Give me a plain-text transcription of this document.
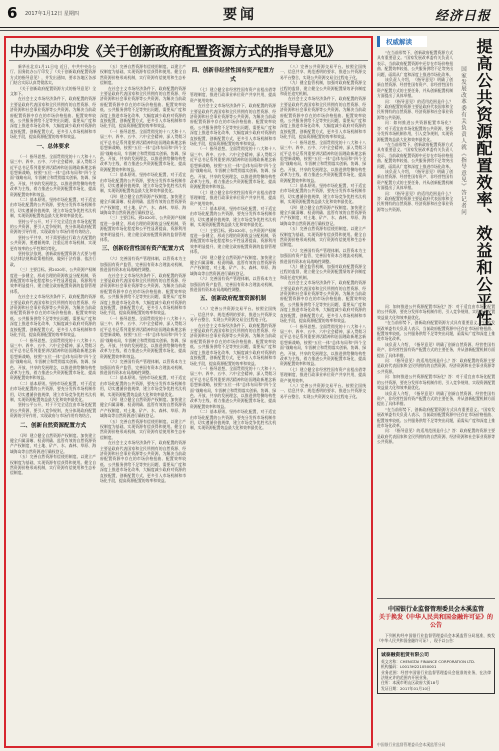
6 2017年1月12日 星期四	要闻	经济日报
中办国办印发《关于创新政府配置资源方式的指导意见》

新华社北京1月11日电 近日，中共中央办公厅、国务院办公厅印发了《关于创新政府配置资源方式的指导意见》，并发出通知，要求各地区各部门结合实际认真贯彻落实。

《关于创新政府配置资源方式的指导意见》全文如下。

在社会主义市场经济条件下，政府配置的资源主要是政府代表国家和全民所拥有的自然资源、经济资源和社会事业资源等公共资源。为解决当前政府配置资源中存在的市场价格扭曲、配置效率较低、公共服务供给不足等突出问题，需要从广度和深度上推进市场化改革，大幅度减少政府对资源的直接配置，创新配置方式，更多引入市场机制和市场化手段，提高资源配置的效率和效益。

一、总体要求

（一）指导思想。全面贯彻党的十八大和十八届三中、四中、五中、六中全会精神，深入贯彻习近平总书记系列重要讲话精神和治国理政新理念新思想新战略，按照“五位一体”总体布局和“四个全面”战略布局，牢固树立和贯彻落实创新、协调、绿色、开放、共享的发展理念，以推进供给侧结构性改革为主线，着力推进公共资源配置市场化，提高资源配置效率和效益。

（二）基本原则。坚持市场化配置，对于适宜由市场化配置的公共资源，要充分发挥市场机制作用，切实遵循价值规律，建立市场竞争优胜劣汰机制，实现资源配置效益最大化和效率最优化。

坚持公平公开，对于不完全适宜由市场化配置的公共资源，要引入竞争规则，充分体现政府配置资源的引导作用，实现政府与市场作用有效结合。

坚持公平共享，对于需要通过行政方式配置的公共资源，要遵循规律，注重运用市场机制，实现更有效率的公平性和均等化。

坚持依法依规，创新政府配置资源方式要与相关法律法规和政策相衔接，做到于法有据、依法行政。

（三）主要目标。到2020年，公共资源产权制度进一步健全，形成合理的资源收益分配机制，资源配置的市场化程度和公平性显著提高，资源利用效率明显提升，建立健全政府配置资源的监督管理体系。

在社会主义市场经济条件下，政府配置的资源主要是政府代表国家和全民所拥有的自然资源、经济资源和社会事业资源等公共资源。为解决当前政府配置资源中存在的市场价格扭曲、配置效率较低、公共服务供给不足等突出问题，需要从广度和深度上推进市场化改革，大幅度减少政府对资源的直接配置，创新配置方式，更多引入市场机制和市场化手段，提高资源配置的效率和效益。

（一）指导思想。全面贯彻党的十八大和十八届三中、四中、五中、六中全会精神，深入贯彻习近平总书记系列重要讲话精神和治国理政新理念新思想新战略，按照“五位一体”总体布局和“四个全面”战略布局，牢固树立和贯彻落实创新、协调、绿色、开放、共享的发展理念，以推进供给侧结构性改革为主线，着力推进公共资源配置市场化，提高资源配置效率和效益。

（二）基本原则。坚持市场化配置，对于适宜由市场化配置的公共资源，要充分发挥市场机制作用，切实遵循价值规律，建立市场竞争优胜劣汰机制，实现资源配置效益最大化和效率最优化。

坚持公平公开，对于不完全适宜由市场化配置的公共资源，要引入竞争规则，充分体现政府配置资源的引导作用，实现政府与市场作用有效结合。

二、创新自然资源配置方式

（四）建立健全自然资源产权制度。加快建立健全归属清晰、权责明确、监管有效的自然资源资产产权制度，对土地、矿产、水、森林、草原、海域海岛等自然资源进行确权登记。

（五）完善自然资源有偿使用制度。以建立产权制度为基础，实现资源有偿获得和使用。健全自然资源价格形成机制，实行资源有偿使用和生态补偿制度。

（五）完善自然资源有偿使用制度。以建立产权制度为基础，实现资源有偿获得和使用。健全自然资源价格形成机制，实行资源有偿使用和生态补偿制度。

在社会主义市场经济条件下，政府配置的资源主要是政府代表国家和全民所拥有的自然资源、经济资源和社会事业资源等公共资源。为解决当前政府配置资源中存在的市场价格扭曲、配置效率较低、公共服务供给不足等突出问题，需要从广度和深度上推进市场化改革，大幅度减少政府对资源的直接配置，创新配置方式，更多引入市场机制和市场化手段，提高资源配置的效率和效益。

（一）指导思想。全面贯彻党的十八大和十八届三中、四中、五中、六中全会精神，深入贯彻习近平总书记系列重要讲话精神和治国理政新理念新思想新战略，按照“五位一体”总体布局和“四个全面”战略布局，牢固树立和贯彻落实创新、协调、绿色、开放、共享的发展理念，以推进供给侧结构性改革为主线，着力推进公共资源配置市场化，提高资源配置效率和效益。

（二）基本原则。坚持市场化配置，对于适宜由市场化配置的公共资源，要充分发挥市场机制作用，切实遵循价值规律，建立市场竞争优胜劣汰机制，实现资源配置效益最大化和效率最优化。

（四）建立健全自然资源产权制度。加快建立健全归属清晰、权责明确、监管有效的自然资源资产产权制度，对土地、矿产、水、森林、草原、海域海岛等自然资源进行确权登记。

（三）主要目标。到2020年，公共资源产权制度进一步健全，形成合理的资源收益分配机制，资源配置的市场化程度和公平性显著提高，资源利用效率明显提升，建立健全政府配置资源的监督管理体系。

三、创新经营性国有资产配置方式

（六）完善国有资产管理体制。以管资本为主加强国有资产监管，完善国有资本合理流动机制，推进国有资本布局战略性调整。

在社会主义市场经济条件下，政府配置的资源主要是政府代表国家和全民所拥有的自然资源、经济资源和社会事业资源等公共资源。为解决当前政府配置资源中存在的市场价格扭曲、配置效率较低、公共服务供给不足等突出问题，需要从广度和深度上推进市场化改革，大幅度减少政府对资源的直接配置，创新配置方式，更多引入市场机制和市场化手段，提高资源配置的效率和效益。

（一）指导思想。全面贯彻党的十八大和十八届三中、四中、五中、六中全会精神，深入贯彻习近平总书记系列重要讲话精神和治国理政新理念新思想新战略，按照“五位一体”总体布局和“四个全面”战略布局，牢固树立和贯彻落实创新、协调、绿色、开放、共享的发展理念，以推进供给侧结构性改革为主线，着力推进公共资源配置市场化，提高资源配置效率和效益。

（六）完善国有资产管理体制。以管资本为主加强国有资产监管，完善国有资本合理流动机制，推进国有资本布局战略性调整。

（二）基本原则。坚持市场化配置，对于适宜由市场化配置的公共资源，要充分发挥市场机制作用，切实遵循价值规律，建立市场竞争优胜劣汰机制，实现资源配置效益最大化和效率最优化。

（四）建立健全自然资源产权制度。加快建立健全归属清晰、权责明确、监管有效的自然资源资产产权制度，对土地、矿产、水、森林、草原、海域海岛等自然资源进行确权登记。

（五）完善自然资源有偿使用制度。以建立产权制度为基础，实现资源有偿获得和使用。健全自然资源价格形成机制，实行资源有偿使用和生态补偿制度。

在社会主义市场经济条件下，政府配置的资源主要是政府代表国家和全民所拥有的自然资源、经济资源和社会事业资源等公共资源。为解决当前政府配置资源中存在的市场价格扭曲、配置效率较低、公共服务供给不足等突出问题，需要从广度和深度上推进市场化改革，大幅度减少政府对资源的直接配置，创新配置方式，更多引入市场机制和市场化手段，提高资源配置的效率和效益。

四、创新非经营性国有资产配置方式

（七）建立健全非经营性国有资产出租出借等管理制度，推进行政事业单位资产共享共用，提高资产使用效率。

在社会主义市场经济条件下，政府配置的资源主要是政府代表国家和全民所拥有的自然资源、经济资源和社会事业资源等公共资源。为解决当前政府配置资源中存在的市场价格扭曲、配置效率较低、公共服务供给不足等突出问题，需要从广度和深度上推进市场化改革，大幅度减少政府对资源的直接配置，创新配置方式，更多引入市场机制和市场化手段，提高资源配置的效率和效益。

（一）指导思想。全面贯彻党的十八大和十八届三中、四中、五中、六中全会精神，深入贯彻习近平总书记系列重要讲话精神和治国理政新理念新思想新战略，按照“五位一体”总体布局和“四个全面”战略布局，牢固树立和贯彻落实创新、协调、绿色、开放、共享的发展理念，以推进供给侧结构性改革为主线，着力推进公共资源配置市场化，提高资源配置效率和效益。

（七）建立健全非经营性国有资产出租出借等管理制度，推进行政事业单位资产共享共用，提高资产使用效率。

（二）基本原则。坚持市场化配置，对于适宜由市场化配置的公共资源，要充分发挥市场机制作用，切实遵循价值规律，建立市场竞争优胜劣汰机制，实现资源配置效益最大化和效率最优化。

（三）主要目标。到2020年，公共资源产权制度进一步健全，形成合理的资源收益分配机制，资源配置的市场化程度和公平性显著提高，资源利用效率明显提升，建立健全政府配置资源的监督管理体系。

（四）建立健全自然资源产权制度。加快建立健全归属清晰、权责明确、监管有效的自然资源资产产权制度，对土地、矿产、水、森林、草原、海域海岛等自然资源进行确权登记。

（六）完善国有资产管理体制。以管资本为主加强国有资产监管，完善国有资本合理流动机制，推进国有资本布局战略性调整。

五、创新政府配置资源机制

（八）完善公共资源交易平台。按照全国统一、信息共享、规范透明的要求，推进公共资源交易平台整合，实现公共资源交易全过程电子化。

在社会主义市场经济条件下，政府配置的资源主要是政府代表国家和全民所拥有的自然资源、经济资源和社会事业资源等公共资源。为解决当前政府配置资源中存在的市场价格扭曲、配置效率较低、公共服务供给不足等突出问题，需要从广度和深度上推进市场化改革，大幅度减少政府对资源的直接配置，创新配置方式，更多引入市场机制和市场化手段，提高资源配置的效率和效益。

（一）指导思想。全面贯彻党的十八大和十八届三中、四中、五中、六中全会精神，深入贯彻习近平总书记系列重要讲话精神和治国理政新理念新思想新战略，按照“五位一体”总体布局和“四个全面”战略布局，牢固树立和贯彻落实创新、协调、绿色、开放、共享的发展理念，以推进供给侧结构性改革为主线，着力推进公共资源配置市场化，提高资源配置效率和效益。

（二）基本原则。坚持市场化配置，对于适宜由市场化配置的公共资源，要充分发挥市场机制作用，切实遵循价值规律，建立市场竞争优胜劣汰机制，实现资源配置效益最大化和效率最优化。

（八）完善公共资源交易平台。按照全国统一、信息共享、规范透明的要求，推进公共资源交易平台整合，实现公共资源交易全过程电子化。

（九）健全监管机制，加强对政府配置资源全过程的监督，建立健全公共资源配置绩效评价制度和责任追究机制。

在社会主义市场经济条件下，政府配置的资源主要是政府代表国家和全民所拥有的自然资源、经济资源和社会事业资源等公共资源。为解决当前政府配置资源中存在的市场价格扭曲、配置效率较低、公共服务供给不足等突出问题，需要从广度和深度上推进市场化改革，大幅度减少政府对资源的直接配置，创新配置方式，更多引入市场机制和市场化手段，提高资源配置的效率和效益。

（一）指导思想。全面贯彻党的十八大和十八届三中、四中、五中、六中全会精神，深入贯彻习近平总书记系列重要讲话精神和治国理政新理念新思想新战略，按照“五位一体”总体布局和“四个全面”战略布局，牢固树立和贯彻落实创新、协调、绿色、开放、共享的发展理念，以推进供给侧结构性改革为主线，着力推进公共资源配置市场化，提高资源配置效率和效益。

（二）基本原则。坚持市场化配置，对于适宜由市场化配置的公共资源，要充分发挥市场机制作用，切实遵循价值规律，建立市场竞争优胜劣汰机制，实现资源配置效益最大化和效率最优化。

（四）建立健全自然资源产权制度。加快建立健全归属清晰、权责明确、监管有效的自然资源资产产权制度，对土地、矿产、水、森林、草原、海域海岛等自然资源进行确权登记。

（五）完善自然资源有偿使用制度。以建立产权制度为基础，实现资源有偿获得和使用。健全自然资源价格形成机制，实行资源有偿使用和生态补偿制度。

（六）完善国有资产管理体制。以管资本为主加强国有资产监管，完善国有资本合理流动机制，推进国有资本布局战略性调整。

（九）健全监管机制，加强对政府配置资源全过程的监督，建立健全公共资源配置绩效评价制度和责任追究机制。

在社会主义市场经济条件下，政府配置的资源主要是政府代表国家和全民所拥有的自然资源、经济资源和社会事业资源等公共资源。为解决当前政府配置资源中存在的市场价格扭曲、配置效率较低、公共服务供给不足等突出问题，需要从广度和深度上推进市场化改革，大幅度减少政府对资源的直接配置，创新配置方式，更多引入市场机制和市场化手段，提高资源配置的效率和效益。

（一）指导思想。全面贯彻党的十八大和十八届三中、四中、五中、六中全会精神，深入贯彻习近平总书记系列重要讲话精神和治国理政新理念新思想新战略，按照“五位一体”总体布局和“四个全面”战略布局，牢固树立和贯彻落实创新、协调、绿色、开放、共享的发展理念，以推进供给侧结构性改革为主线，着力推进公共资源配置市场化，提高资源配置效率和效益。

（七）建立健全非经营性国有资产出租出借等管理制度，推进行政事业单位资产共享共用，提高资产使用效率。

（八）完善公共资源交易平台。按照全国统一、信息共享、规范透明的要求，推进公共资源交易平台整合，实现公共资源交易全过程电子化。

权威解读	提高公共资源配置效率、效益和公平性
国家发展改革委有关负责人就《指导意见》答记者问

“在当前形势下，创新政府配置资源方式具有重要意义。”国家发展改革委有关负责人表示，当前政府配置资源中还存在市场价格扭曲、配置效率较低、公共服务供给不足等突出问题，亟需从广度和深度上推进市场化改革。

该负责人介绍，《指导意见》明确了创新自然资源、经营性国有资产、非经营性国有资产配置方式的主要任务，并从创新配置机制方面提出了具体举措。

问：《指导意见》的适用范围是什么？答：政府配置的资源主要是政府代表国家和全民所拥有的自然资源、经济资源和社会事业资源等公共资源。

问：如何推进公共资源配置市场化？答：对于适宜由市场化配置的公共资源，要充分发挥市场机制作用，引入竞争规则，实现资源配置效益最大化和效率最优化。

“在当前形势下，创新政府配置资源方式具有重要意义。”国家发展改革委有关负责人表示，当前政府配置资源中还存在市场价格扭曲、配置效率较低、公共服务供给不足等突出问题，亟需从广度和深度上推进市场化改革。

该负责人介绍，《指导意见》明确了创新自然资源、经营性国有资产、非经营性国有资产配置方式的主要任务，并从创新配置机制方面提出了具体举措。

问：《指导意见》的适用范围是什么？答：政府配置的资源主要是政府代表国家和全民所拥有的自然资源、经济资源和社会事业资源等公共资源。

问：如何推进公共资源配置市场化？答：对于适宜由市场化配置的公共资源，要充分发挥市场机制作用，引入竞争规则，实现资源配置效益最大化和效率最优化。

“在当前形势下，创新政府配置资源方式具有重要意义。”国家发展改革委有关负责人表示，当前政府配置资源中还存在市场价格扭曲、配置效率较低、公共服务供给不足等突出问题，亟需从广度和深度上推进市场化改革。

该负责人介绍，《指导意见》明确了创新自然资源、经营性国有资产、非经营性国有资产配置方式的主要任务，并从创新配置机制方面提出了具体举措。

问：《指导意见》的适用范围是什么？答：政府配置的资源主要是政府代表国家和全民所拥有的自然资源、经济资源和社会事业资源等公共资源。

问：如何推进公共资源配置市场化？答：对于适宜由市场化配置的公共资源，要充分发挥市场机制作用，引入竞争规则，实现资源配置效益最大化和效率最优化。

该负责人介绍，《指导意见》明确了创新自然资源、经营性国有资产、非经营性国有资产配置方式的主要任务，并从创新配置机制方面提出了具体举措。

“在当前形势下，创新政府配置资源方式具有重要意义。”国家发展改革委有关负责人表示，当前政府配置资源中还存在市场价格扭曲、配置效率较低、公共服务供给不足等突出问题，亟需从广度和深度上推进市场化改革。

问：《指导意见》的适用范围是什么？答：政府配置的资源主要是政府代表国家和全民所拥有的自然资源、经济资源和社会事业资源等公共资源。

中国银行业监督管理委员会本溪监管
关于换发《中华人民共和国金融许可证》的公告

下列机构经中国银行业监督管理委员会本溪监管分局批准，换发《中华人民共和国金融许可证》，现予以公告：

诚泰融资租赁有限公司

英文名称：CHENGTAI FINANCE CORPORATION LTD.

机构编码：L0013H221050001

业务范围：经营中国银行业监督管理委员会批准的业务，在法律法规允许的范围内开展业务。

住所：本溪市明山区政府大街18号

发证日期：2017年01月10日

中国银行业监督管理委员会本溪监管分局
